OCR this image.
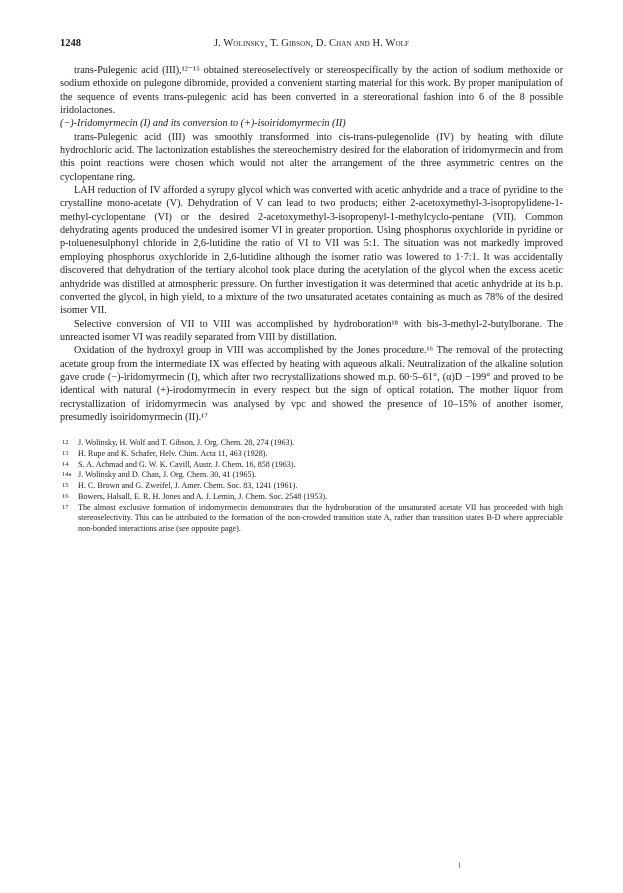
1248	J. Wolinsky, T. Gibson, D. Chan and H. Wolf

trans-Pulegenic acid (III),¹²⁻¹⁵ obtained stereoselectively or stereospecifically by the action of sodium methoxide or sodium ethoxide on pulegone dibromide, provided a convenient starting material for this work. By proper manipulation of the sequence of events trans-pulegenic acid has been converted in a stereorational fashion into 6 of the 8 possible iridolactones.

(−)-Iridomyrmecin (I) and its conversion to (+)-isoiridomyrmecin (II)

trans-Pulegenic acid (III) was smoothly transformed into cis-trans-pulegenolide (IV) by heating with dilute hydrochloric acid. The lactonization establishes the stereochemistry desired for the elaboration of iridomyrmecin and from this point reactions were chosen which would not alter the arrangement of the three asymmetric centres on the cyclopentane ring.

LAH reduction of IV afforded a syrupy glycol which was converted with acetic anhydride and a trace of pyridine to the crystalline mono-acetate (V). Dehydration of V can lead to two products; either 2-acetoxymethyl-3-isopropylidene-1-methyl-cyclopentane (VI) or the desired 2-acetoxymethyl-3-isopropenyl-1-methylcyclo-pentane (VII). Common dehydrating agents produced the undesired isomer VI in greater proportion. Using phosphorus oxychloride in pyridine or p-toluenesulphonyl chloride in 2,6-lutidine the ratio of VI to VII was 5:1. The situation was not markedly improved employing phosphorus oxychloride in 2,6-lutidine although the isomer ratio was lowered to 1·7:1. It was accidentally discovered that dehydration of the tertiary alcohol took place during the acetylation of the glycol when the excess acetic anhydride was distilled at atmospheric pressure. On further investigation it was determined that acetic anhydride at its b.p. converted the glycol, in high yield, to a mixture of the two unsaturated acetates containing as much as 78% of the desired isomer VII.

Selective conversion of VII to VIII was accomplished by hydroboration¹⁸ with bis-3-methyl-2-butylborane. The unreacted isomer VI was readily separated from VIII by distillation.

Oxidation of the hydroxyl group in VIII was accomplished by the Jones procedure.¹⁶ The removal of the protecting acetate group from the intermediate IX was effected by heating with aqueous alkali. Neutralization of the alkaline solution gave crude (−)-iridomyrmecin (I), which after two recrystallizations showed m.p. 60·5–61°, (α)D −199° and proved to be identical with natural (+)-irodomyrmecin in every respect but the sign of optical rotation. The mother liquor from recrystallization of iridomyrmecin was analysed by vpc and showed the presence of 10–15% of another isomer, presumedly isoiridomyrmecin (II).¹⁷

12 J. Wolinsky, H. Wolf and T. Gibson, J. Org. Chem. 28, 274 (1963).
13 H. Rupe and K. Schafer, Helv. Chim. Acta 11, 463 (1928).
14 S. A. Achmad and G. W. K. Cavill, Austr. J. Chem. 16, 858 (1963).
14a J. Wolinsky and D. Chan, J. Org. Chem. 30, 41 (1965).
15 H. C. Brown and G. Zweifel, J. Amer. Chem. Soc. 83, 1241 (1961).
16 Bowers, Halsall, E. R. H. Jones and A. J. Lemin, J. Chem. Soc. 2548 (1953).
17 The almost exclusive formation of iridomyrmecin demonstrates that the hydroboration of the unsaturated acetate VII has proceeded with high stereoselectivity. This can be attributed to the formation of the non-crowded transition state A, rather than transition states B-D where appreciable non-bonded interactions arise (see opposite page).
